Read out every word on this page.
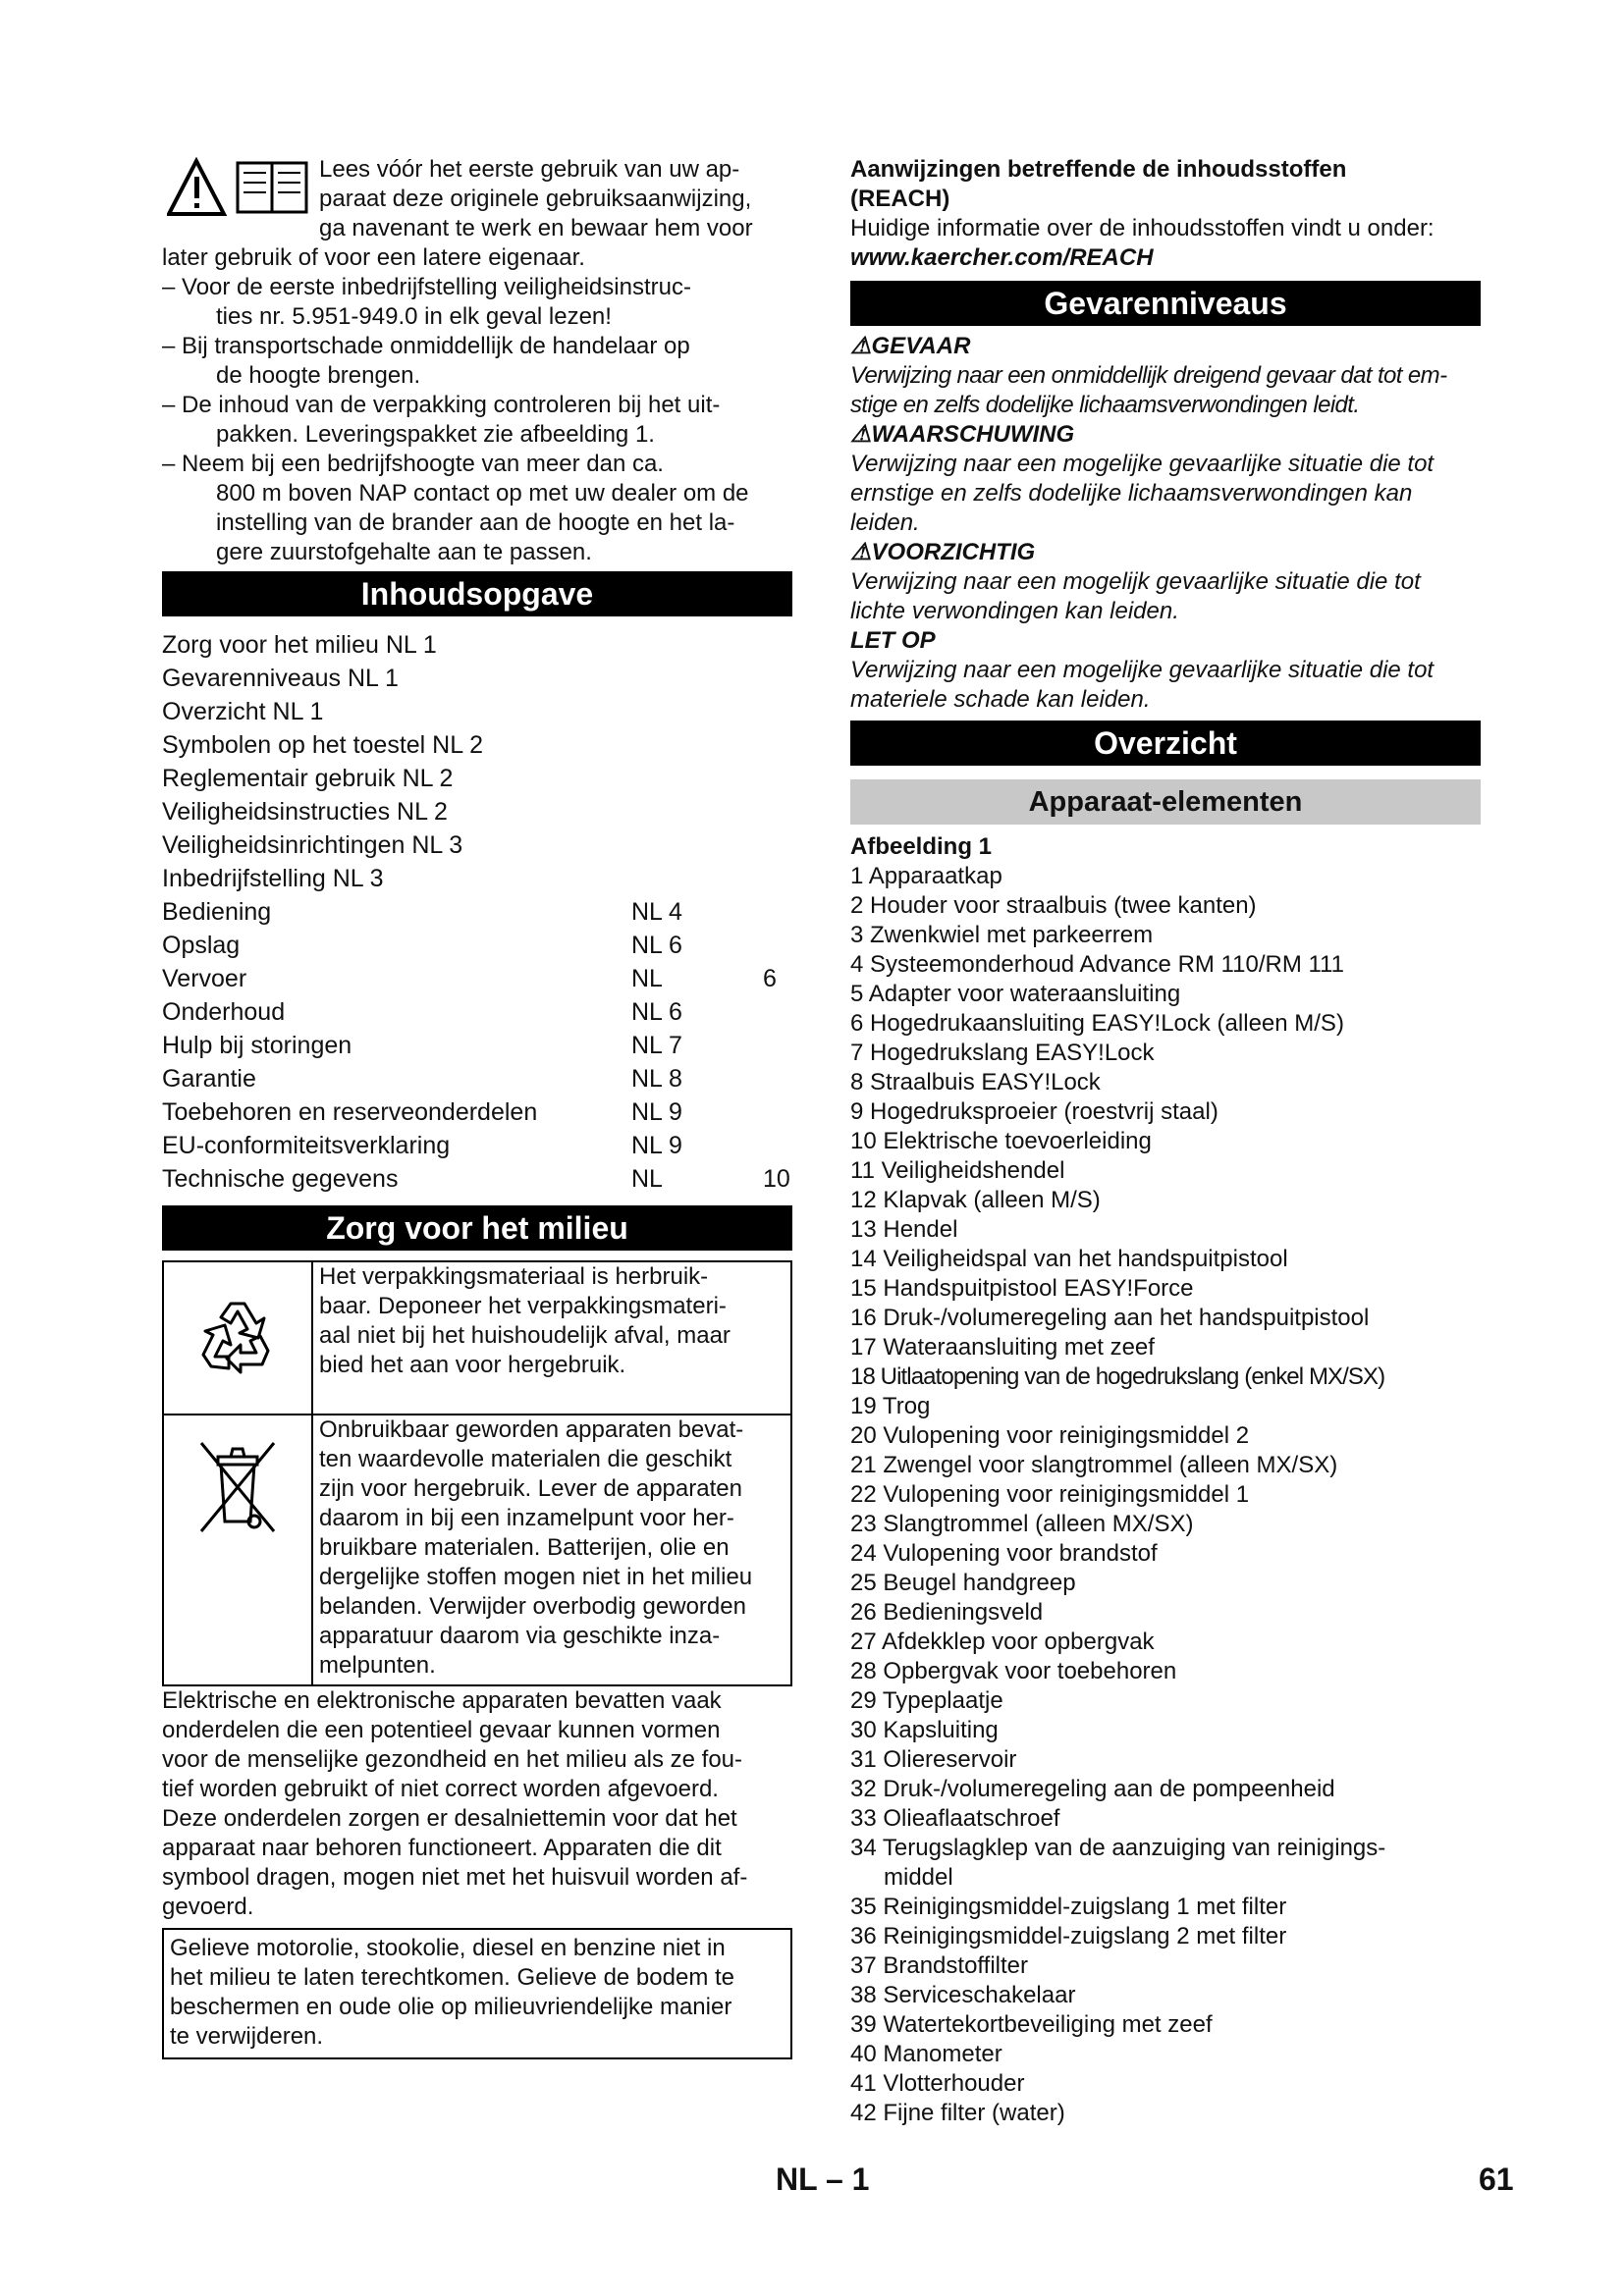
Lees vóór het eerste gebruik van uw ap-

paraat deze originele gebruiksaanwijzing,

ga navenant te werk en bewaar hem voor

later gebruik of voor een latere eigenaar.

– Voor de eerste inbedrijfstelling veiligheidsinstruc-

ties nr. 5.951-949.0 in elk geval lezen!

– Bij transportschade onmiddellijk de handelaar op

de hoogte brengen.

– De inhoud van de verpakking controleren bij het uit-

pakken. Leveringspakket zie afbeelding 1.

– Neem bij een bedrijfshoogte van meer dan ca.

800 m boven NAP contact op met uw dealer om de

instelling van de brander aan de hoogte en het la-

gere zuurstofgehalte aan te passen.

Inhoudsopgave
Zorg voor het milieu NL 1
Gevarenniveaus NL 1
Overzicht NL 1
Symbolen op het toestel NL 2
Reglementair gebruik NL 2
Veiligheidsinstructies NL 2
Veiligheidsinrichtingen NL 3
Inbedrijfstelling NL 3
Bediening	NL 4
Opslag	NL 6
Vervoer	NL	6
Onderhoud	NL 6
Hulp bij storingen	NL 7
Garantie	NL 8
Toebehoren en reserveonderdelen	NL 9
EU-conformiteitsverklaring	NL 9
Technische gegevens	NL	10
Zorg voor het milieu

Het verpakkingsmateriaal is herbruik-

baar. Deponeer het verpakkingsmateri-

aal niet bij het huishoudelijk afval, maar

bied het aan voor hergebruik.

Onbruikbaar geworden apparaten bevat-

ten waardevolle materialen die geschikt

zijn voor hergebruik. Lever de apparaten

daarom in bij een inzamelpunt voor her-

bruikbare materialen. Batterijen, olie en

dergelijke stoffen mogen niet in het milieu

belanden. Verwijder overbodig geworden

apparatuur daarom via geschikte inza-

melpunten.

Elektrische en elektronische apparaten bevatten vaak

onderdelen die een potentieel gevaar kunnen vormen

voor de menselijke gezondheid en het milieu als ze fou-

tief worden gebruikt of niet correct worden afgevoerd.

Deze onderdelen zorgen er desalniettemin voor dat het

apparaat naar behoren functioneert. Apparaten die dit

symbool dragen, mogen niet met het huisvuil worden af-

gevoerd.

Gelieve motorolie, stookolie, diesel en benzine niet in

het milieu te laten terechtkomen. Gelieve de bodem te

beschermen en oude olie op milieuvriendelijke manier

te verwijderen.

Aanwijzingen betreffende de inhoudsstoffen

(REACH)

Huidige informatie over de inhoudsstoffen vindt u onder:

www.kaercher.com/REACH

Gevarenniveaus

⚠GEVAAR

Verwijzing naar een onmiddellijk dreigend gevaar dat tot em-

stige en zelfs dodelijke lichaamsverwondingen leidt.

⚠WAARSCHUWING

Verwijzing naar een mogelijke gevaarlijke situatie die tot

ernstige en zelfs dodelijke lichaamsverwondingen kan

leiden.

⚠VOORZICHTIG

Verwijzing naar een mogelijk gevaarlijke situatie die tot

lichte verwondingen kan leiden.

LET OP

Verwijzing naar een mogelijke gevaarlijke situatie die tot

materiele schade kan leiden.

Overzicht
Apparaat-elementen

Afbeelding 1

1 Apparaatkap

2 Houder voor straalbuis (twee kanten)

3 Zwenkwiel met parkeerrem

4 Systeemonderhoud Advance RM 110/RM 111

5 Adapter voor wateraansluiting

6 Hogedrukaansluiting EASY!Lock (alleen M/S)

7 Hogedrukslang EASY!Lock

8 Straalbuis EASY!Lock

9 Hogedruksproeier (roestvrij staal)

10 Elektrische toevoerleiding

11 Veiligheidshendel

12 Klapvak (alleen M/S)

13 Hendel

14 Veiligheidspal van het handspuitpistool

15 Handspuitpistool EASY!Force

16 Druk-/volumeregeling aan het handspuitpistool

17 Wateraansluiting met zeef

18 Uitlaatopening van de hogedrukslang (enkel MX/SX)

19 Trog

20 Vulopening voor reinigingsmiddel 2

21 Zwengel voor slangtrommel (alleen MX/SX)

22 Vulopening voor reinigingsmiddel 1

23 Slangtrommel (alleen MX/SX)

24 Vulopening voor brandstof

25 Beugel handgreep

26 Bedieningsveld

27 Afdekklep voor opbergvak

28 Opbergvak voor toebehoren

29 Typeplaatje

30 Kapsluiting

31 Oliereservoir

32 Druk-/volumeregeling aan de pompeenheid

33 Olieaflaatschroef

34 Terugslagklep van de aanzuiging van reinigings-

middel

35 Reinigingsmiddel-zuigslang 1 met filter

36 Reinigingsmiddel-zuigslang 2 met filter

37 Brandstoffilter

38 Serviceschakelaar

39 Watertekortbeveiliging met zeef

40 Manometer

41 Vlotterhouder

42 Fijne filter (water)

NL – 1	61
